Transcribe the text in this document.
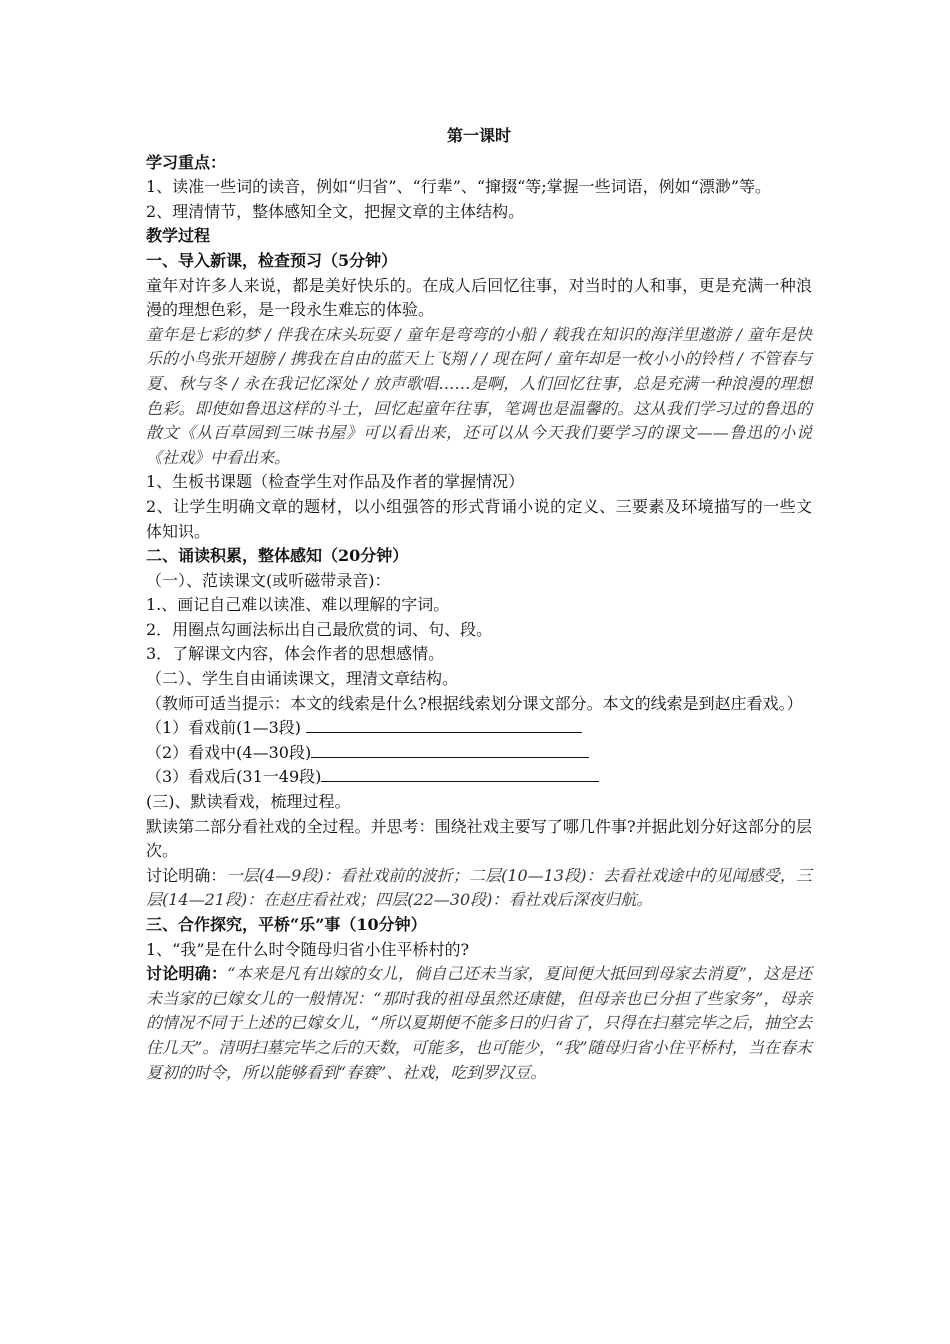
第一课时

学习重点：

1、读准一些词的读音，例如“归省”、“行辈”、“撺掇“等;掌握一些词语，例如“漂渺”等。

2、理清情节，整体感知全文，把握文章的主体结构。

教学过程

一、导入新课，检查预习（5分钟）

童年对许多人来说，都是美好快乐的。在成人后回忆往事，对当时的人和事，更是充满一种浪漫的理想色彩，是一段永生难忘的体验。

童年是七彩的梦 / 伴我在床头玩耍 / 童年是弯弯的小船 / 载我在知识的海洋里遨游 / 童年是快乐的小鸟张开翅膀 / 携我在自由的蓝天上飞翔 / / 现在阿 / 童年却是一枚小小的铃档 / 不管春与夏、秋与冬 / 永在我记忆深处 / 放声歌唱……是啊，人们回忆往事，总是充满一种浪漫的理想色彩。即使如鲁迅这样的斗士，回忆起童年往事，笔调也是温馨的。这从我们学习过的鲁迅的散文《从百草园到三味书屋》可以看出来，还可以从今天我们要学习的课文——鲁迅的小说《社戏》中看出来。

1、生板书课题（检查学生对作品及作者的掌握情况）

2、让学生明确文章的题材，以小组强答的形式背诵小说的定义、三要素及环境描写的一些文体知识。

二、诵读积累，整体感知（20分钟）

（一）、范读课文(或听磁带录音)：

1.、画记自己难以读准、难以理解的字词。

2．用圈点勾画法标出自己最欣赏的词、句、段。

3．了解课文内容，体会作者的思想感情。

（二）、学生自由诵读课文，理清文章结构。

（教师可适当提示：本文的线索是什么?根据线索划分课文部分。本文的线索是到赵庄看戏。）

（1）看戏前(1—3段)

（2）看戏中(4—30段)

（3）看戏后(31一49段)

(三)、默读看戏，梳理过程。

默读第二部分看社戏的全过程。并思考：围绕社戏主要写了哪几件事?并据此划分好这部分的层次。

讨论明确：一层(4—9段)：看社戏前的波折；二层(10—13段)：去看社戏途中的见闻感受，三层(14—21段)：在赵庄看社戏；四层(22—30段)：看社戏后深夜归航。

三、合作探究，平桥“乐”事（10分钟）

1、“我”是在什么时令随母归省小住平桥村的?

讨论明确：“本来是凡有出嫁的女儿，倘自己还未当家，夏间便大抵回到母家去消夏”，这是还未当家的已嫁女儿的一般情况：“那时我的祖母虽然还康健，但母亲也已分担了些家务”，母亲的情况不同于上述的已嫁女儿，“所以夏期便不能多日的归省了，只得在扫墓完毕之后，抽空去住几天”。清明扫墓完毕之后的天数，可能多，也可能少，“我”随母归省小住平桥村，当在春末夏初的时令，所以能够看到“春赛”、社戏，吃到罗汉豆。
